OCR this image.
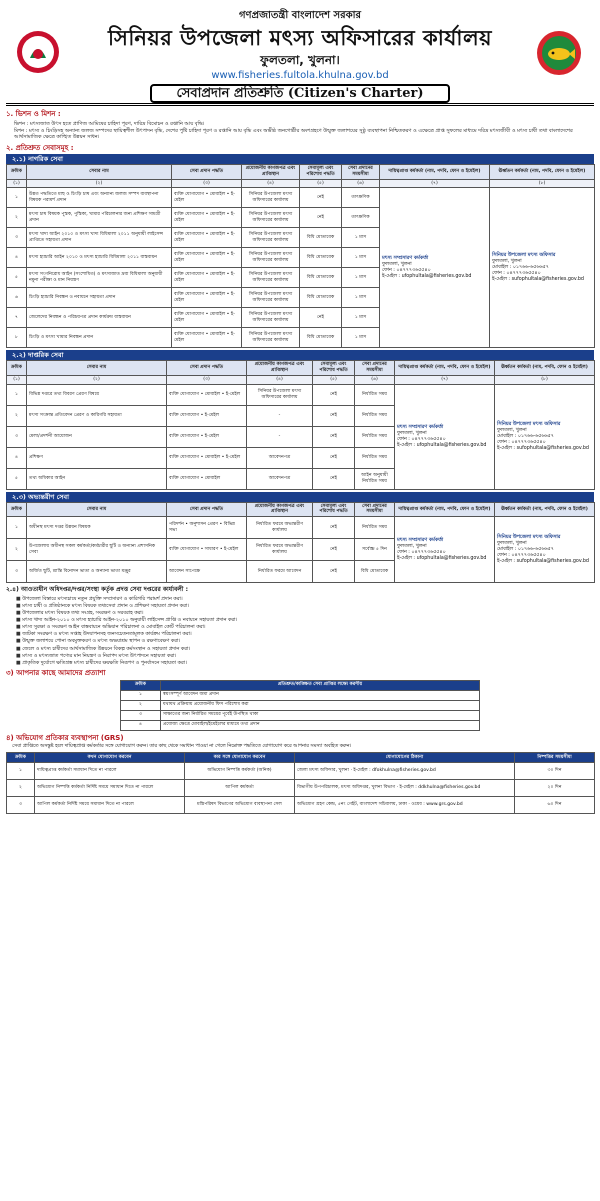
গণপ্রজাতন্ত্রী বাংলাদেশ সরকার
সিনিয়র উপজেলা মৎস্য অফিসারের কার্যালয়
ফুলতলা, খুলনা।
www.fisheries.fultola.khulna.gov.bd
সেবাপ্রদান প্রতিশ্রুতি (Citizen's Charter)
১. ভিশন ও মিশন :
ভিশন : মৎস্যজাত উৎস হতে প্রাণিজ আমিষের চাহিদা পূরণ, দারিদ্র বিমোচন ও রপ্তানি আয় বৃদ্ধি।
মিশন : মৎস্য ও চিংড়িসহ অন্যান্য জলজ সম্পদের স্থায়িত্বশীল উৎপাদন বৃদ্ধি, দেশের পুষ্টি চাহিদা পূরণ ও রপ্তানি আয় বৃদ্ধি এবং অভীষ্ঠ জনগোষ্ঠীর অংশগ্রহণে উন্মুক্ত জলাশয়ের সুষ্ঠু ব্যবস্থাপনা নিশ্চিতকরণ ও এক্ষেত্রে প্রাপ্ত সুফলের মাধ্যমে দরিদ্র মৎস্যজীবী ও মৎস্য চাষী তথা বাংলাদেশের আর্থসামাজিক ক্ষেত্রে কাঙ্খিত উন্নয়ন সাধন।
২. প্রতিশ্রুত সেবাসমূহ :
২.১) নাগরিক সেবা
ক্রমিক	সেবার নাম	সেবা প্রদান পদ্ধতি	প্রয়োজনীয় কাগজপত্র এবং প্রাপ্তিস্থান	সেবামূল্য এবং পরিশোধ পদ্ধতি	সেবা প্রদানের সময়সীমা	দায়িত্বপ্রাপ্ত কর্মকর্তা (নাম, পদবি, ফোন ও ইমেইল)	ঊর্ধ্বতন কর্মকর্তা (নাম, পদবি, ফোন ও ইমেইল)
(১)	(২)	(৩)	(৪)	(৫)	(৬)	(৭)	(৮)
১	উন্নত পদ্ধতিতে মাছ ও চিংড়ি চাষ এবং অন্যান্য জলজ সম্পদ ব্যবস্থাপনা বিষয়ক পরামর্শ প্রদান	ব্যক্তি যোগাযোগ • মোবাইল • ই-মেইল	সিনিয়র উপজেলা মৎস্য অফিসারের কার্যালয়	নেই	তাৎক্ষণিক	মৎস্য সম্প্রসারণ কর্মকর্তা
ফুলতলা, খুলনা
ফোন : ০৪৭৭৭৩৬৫৫৪০
ই-মেইল : ufophultala@fisheries.gov.bd	সিনিয়র উপজেলা মৎস্য অফিসার
ফুলতলা, খুলনা
মোবাইল : ০১৭৬৬-৬৫৬৬৫৭
ফোন : ০৪৭৭৭৩৬৫৫৪০
ই-মেইল : sufophultala@fisheries.gov.bd

২	মৎস্য চাষ বিষয়ক পুস্তক, পুস্তিকা, খামার পরিচালনার জন্য প্রশিক্ষণ সামগ্রী প্রদান	ব্যক্তি যোগাযোগ • মোবাইল • ই-মেইল	সিনিয়র উপজেলা মৎস্য অফিসারের কার্যালয়	নেই	তাৎক্ষণিক		
৩	মৎস্য খাদ্য আইন ২০১০ ও মৎস্য খাদ্য বিধিমালা ২০১১ অনুযায়ী লাইসেন্স প্রাপ্তিতে সহায়তা প্রদান	ব্যক্তি যোগাযোগ • মোবাইল • ই-মেইল	সিনিয়র উপজেলা মৎস্য অফিসারের কার্যালয়	বিধি মোতাবেক	১ মাস		
৪	মৎস্য হ্যাচারি আইন ২০১০ ও মৎস্য হ্যাচারি বিধিমালা ২০১১ বাস্তবায়ন	ব্যক্তি যোগাযোগ • মোবাইল • ই-মেইল	সিনিয়র উপজেলা মৎস্য অফিসারের কার্যালয়	বিধি মোতাবেক	১ মাস		
৫	মৎস্য সংগনিরোধ আইন (সংশোধিত) ও মৎস্যজাত দ্রব্য বিধিমালা অনুযায়ী নমুনা পরীক্ষা ও মান নিয়ন্ত্রণ	ব্যক্তি যোগাযোগ • মোবাইল • ই-মেইল	সিনিয়র উপজেলা মৎস্য অফিসারের কার্যালয়	বিধি মোতাবেক	১ মাস		
৬	চিংড়ি হ্যাচারি নিবন্ধন ও নবায়নে সহায়তা প্রদান	ব্যক্তি যোগাযোগ • মোবাইল • ই-মেইল	সিনিয়র উপজেলা মৎস্য অফিসারের কার্যালয়	বিধি মোতাবেক	১ মাস		
৭	জেলেদের নিবন্ধন ও পরিচয়পত্র প্রদান কার্যক্রম বাস্তবায়ন	ব্যক্তি যোগাযোগ • মোবাইল • ই-মেইল	সিনিয়র উপজেলা মৎস্য অফিসারের কার্যালয়	নেই	১ মাস		
৮	চিংড়ি ও মৎস্য খামার নিবন্ধন প্রদান	ব্যক্তি যোগাযোগ • মোবাইল • ই-মেইল	সিনিয়র উপজেলা মৎস্য অফিসারের কার্যালয়	বিধি মোতাবেক	১ মাস		
২.২) দাপ্তরিক সেবা
ক্রমিক	সেবার নাম	সেবা প্রদান পদ্ধতি	প্রয়োজনীয় কাগজপত্র এবং প্রাপ্তিস্থান	সেবামূল্য এবং পরিশোধ পদ্ধতি	সেবা প্রদানের সময়সীমা	দায়িত্বপ্রাপ্ত কর্মকর্তা (নাম, পদবি, ফোন ও ইমেইল)	ঊর্ধ্বতন কর্মকর্তা (নাম, পদবি, ফোন ও ইমেইল)
(১)	(২)	(৩)	(৪)	(৫)	(৬)	(৭)	(৮)
১	বিভিন্ন দপ্তরে তথ্য বিবরণ প্রেরণ বিষয়ে	ব্যক্তি যোগাযোগ • মোবাইল • ই-মেইল	সিনিয়র উপজেলা মৎস্য অফিসারের কার্যালয়	নেই	নির্ধারিত সময়	মৎস্য সম্প্রসারণ কর্মকর্তা
ফুলতলা, খুলনা
ফোন : ০৪৭৭৭৩৬৫৫৪০
ই-মেইল : ufophultala@fisheries.gov.bd	সিনিয়র উপজেলা মৎস্য অফিসার
ফুলতলা, খুলনা
মোবাইল : ০১৭৬৬-৬৫৬৬৫৭
ফোন : ০৪৭৭৭৩৬৫৫৪০
ই-মেইল : sufophultala@fisheries.gov.bd

২	মৎস্য সংক্রান্ত প্রতিবেদন প্রেরণ ও কারিগরি সহায়তা	ব্যক্তি যোগাযোগ • ই-মেইল	-	নেই	নির্ধারিত সময়		
৩	মেলা/প্রদর্শনী আয়োজন	ব্যক্তি যোগাযোগ • ই-মেইল	-	নেই	নির্ধারিত সময়		
৪	প্রশিক্ষণ	ব্যক্তি যোগাযোগ • মোবাইল • ই-মেইল	আবেদনপত্র	নেই	নির্ধারিত সময়		
৫	তথ্য অধিকার আইন	ব্যক্তি যোগাযোগ • মোবাইল	আবেদনপত্র	নেই	আইন অনুযায়ী নির্ধারিত সময়		
২.৩) অভ্যন্তরীণ সেবা
ক্রমিক	সেবার নাম	সেবা প্রদান পদ্ধতি	প্রয়োজনীয় কাগজপত্র এবং প্রাপ্তিস্থান	সেবামূল্য এবং পরিশোধ পদ্ধতি	সেবা প্রদানের সময়সীমা	দায়িত্বপ্রাপ্ত কর্মকর্তা (নাম, পদবি, ফোন ও ইমেইল)	ঊর্ধ্বতন কর্মকর্তা (নাম, পদবি, ফোন ও ইমেইল)
১	অধীনস্থ মৎস্য দপ্তর উন্নয়ন বিষয়ক	পরিদর্শন • অনুশাসন প্রেরণ • বিভিন্ন সভা	নির্ধারিত ফরমে অভ্যন্তরীণ কার্যালয়	নেই	নির্ধারিত সময়	মৎস্য সম্প্রসারণ কর্মকর্তা
ফুলতলা, খুলনা
ফোন : ০৪৭৭৭৩৬৫৫৪০
ই-মেইল : ufophultala@fisheries.gov.bd	সিনিয়র উপজেলা মৎস্য অফিসার
ফুলতলা, খুলনা
মোবাইল : ০১৭৬৬-৬৫৬৬৫৭
ফোন : ০৪৭৭৭৩৬৫৫৪০
ই-মেইল : sufophultala@fisheries.gov.bd

২	উপজেলায় অধীনস্থ সকল কর্মকর্তা/কর্মচারীর ছুটি ও অন্যান্য প্রশাসনিক সেবা	ব্যক্তি যোগাযোগ • সাধারণ • ই-মেইল	নির্ধারিত ফরমে অভ্যন্তরীণ কার্যালয়	নেই	সর্বোচ্চ ৫ দিন		
৩	অর্জিত ছুটি, শ্রান্তি বিনোদন ভাতা ও অন্যান্য ভাতা মঞ্জুর	আবেদন সাপেক্ষে	নির্ধারিত ফরমে আবেদন	নেই	বিধি মোতাবেক		
২.৪) আওতাধীন অধিদপ্তর/দপ্তর/সংস্থা কর্তৃক প্রদত্ত সেবা দপ্তরের কার্যাবলী :
■ উপজেলা বিস্তারে মৎস্যচাষে নতুন প্রযুক্তি সম্প্রসারণ ও কারিগরি পরামর্শ প্রদান করা।
■ মৎস্য চাষী ও প্রতিষ্ঠানকে মৎস্য বিষয়ক তথ্যসেবা প্রদান ও প্রশিক্ষণ সহায়তা প্রদান করা।
■ উপজেলার মৎস্য বিষয়ক তথ্য সংগ্রহ, সংরক্ষণ ও সরবরাহ করা।
■ মৎস্য খাদ্য আইন-২০১০ ও মৎস্য হ্যাচারি আইন-২০১০ অনুযায়ী লাইসেন্স প্রাপ্তি ও নবায়নে সহায়তা প্রদান করা।
■ মৎস্য সুরক্ষা ও সংরক্ষণ আইন বাস্তবায়নে অভিযান পরিচালনা ও মোবাইল কোর্ট পরিচালনা করা।
■ জাটকা সংরক্ষণ ও মৎস্য সপ্তাহ উদযাপনসহ জনসচেতনতামূলক কার্যক্রম পরিচালনা করা।
■ উন্মুক্ত জলাশয়ে পোনা অবমুক্তকরণ ও মৎস্য অভয়াশ্রম স্থাপন ও রক্ষণাবেক্ষণ করা।
■ জেলে ও মৎস্য চাষীদের আর্থসামাজিক উন্নয়নে বিকল্প কর্মসংস্থান ও সহায়তা প্রদান করা।
■ মৎস্য ও মৎস্যজাত পণ্যের মান নিয়ন্ত্রণ ও নিরাপদ মৎস্য উৎপাদনে সহায়তা করা।
■ প্রাকৃতিক দুর্যোগে ক্ষতিগ্রস্ত মৎস্য চাষীদের ক্ষয়ক্ষতি নিরূপণ ও পুনর্বাসনে সহায়তা করা।
৩) আপনার কাছে আমাদের প্রত্যাশা
ক্রমিক	প্রতিশ্রুত/কাঙ্ক্ষিত সেবা প্রাপ্তির লক্ষ্যে করণীয়
১	স্বয়ংসম্পূর্ণ আবেদন জমা প্রদান
২	যথাযথ প্রক্রিয়ায় প্রয়োজনীয় ফিস পরিশোধ করা
৩	সাক্ষাতের জন্য নির্ধারিত সময়ের পূর্বেই উপস্থিত থাকা
৪	প্রযোজ্য ক্ষেত্রে মোবাইল/ইমেইলের মাধ্যমে তথ্য প্রদান
৪) অভিযোগ প্রতিকার ব্যবস্থাপনা (GRS)
সেবা প্রাপ্তিতে অসন্তুষ্ট হলে দায়িত্বপ্রাপ্ত কর্মকর্তার সঙ্গে যোগাযোগ করুন। তার কাছ থেকে সমাধান পাওয়া না গেলে নিম্নোক্ত পদ্ধতিতে যোগাযোগ করে আপনার সমস্যা অবহিত করুন।
ক্রমিক	কখন যোগাযোগ করবেন	কার সঙ্গে যোগাযোগ করবেন	যোগাযোগের ঠিকানা	নিষ্পত্তির সময়সীমা
১	দায়িত্বপ্রাপ্ত কর্মকর্তা সমাধান দিতে না পারলে	অভিযোগ নিষ্পত্তি কর্মকর্তা (অনিক)	জেলা মৎস্য অফিসার, খুলনা · ই-মেইল : dfokhulna@fisheries.gov.bd	৩০ দিন
২	অভিযোগ নিষ্পত্তি কর্মকর্তা নির্দিষ্ট সময়ে সমাধান দিতে না পারলে	আপিল কর্মকর্তা	বিভাগীয় উপপরিচালক, মৎস্য অধিদপ্তর, খুলনা বিভাগ · ই-মেইল : ddkhulna@fisheries.gov.bd	২০ দিন
৩	আপিল কর্মকর্তা নির্দিষ্ট সময়ে সমাধান দিতে না পারলে	মন্ত্রিপরিষদ বিভাগের অভিযোগ ব্যবস্থাপনা সেল	অভিযোগ গ্রহণ কেন্দ্র, ৫নং গেইট, বাংলাদেশ সচিবালয়, ঢাকা · ওয়েব : www.grs.gov.bd	৬০ দিন
